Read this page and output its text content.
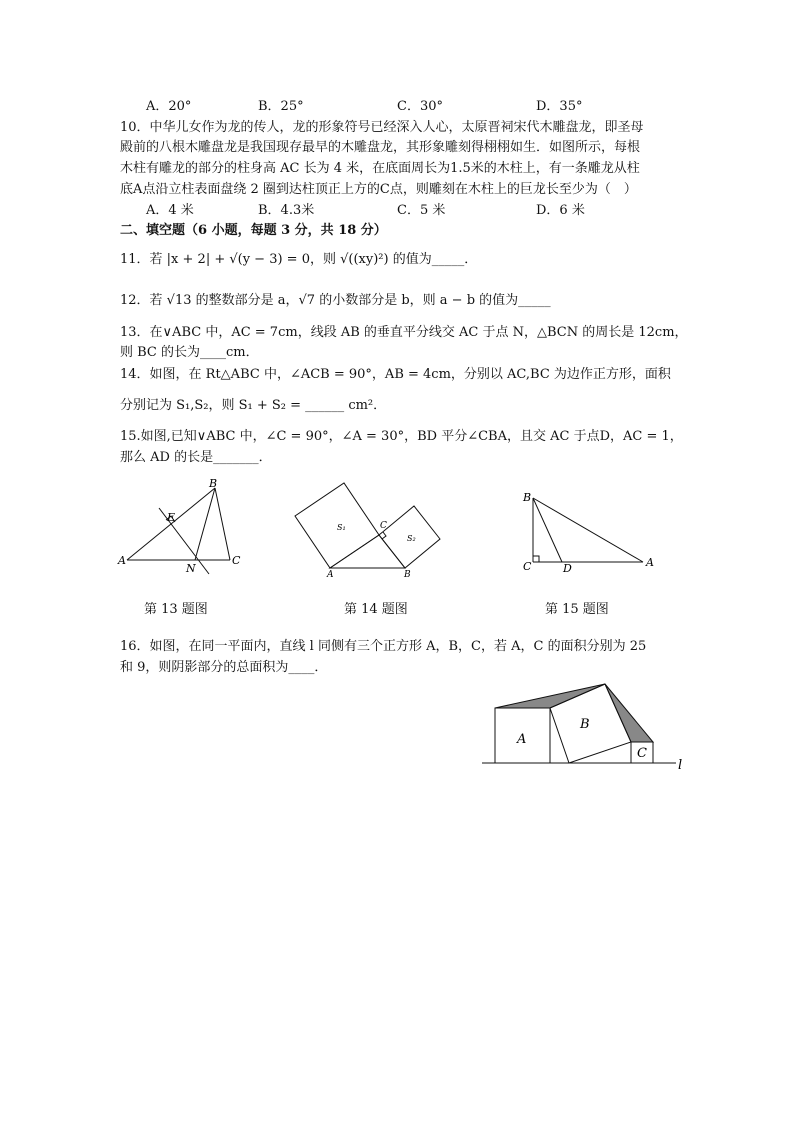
A．20°	B．25°	C．30°	D．35°
10．中华儿女作为龙的传人，龙的形象符号已经深入人心，太原晋祠宋代木雕盘龙，即圣母
殿前的八根木雕盘龙是我国现存最早的木雕盘龙，其形象雕刻得栩栩如生．如图所示，每根
木柱有雕龙的部分的柱身高 AC 长为 4 米，在底面周长为1.5米的木柱上，有一条雕龙从柱
底A点沿立柱表面盘绕 2 圈到达柱顶正上方的C点，则雕刻在木柱上的巨龙长至少为（　）
A．4 米	B．4.3米	C．5 米	D．6 米
二、填空题（6 小题，每题 3 分，共 18 分）
11．若 |x + 2| + √(y − 3) = 0，则 √((xy)²) 的值为_____．
12．若 √13 的整数部分是 a，√7 的小数部分是 b，则 a − b 的值为_____
13．在∨ABC 中，AC = 7cm，线段 AB 的垂直平分线交 AC 于点 N，△BCN 的周长是 12cm，
则 BC 的长为____cm．
14．如图，在 Rt△ABC 中，∠ACB = 90°，AB = 4cm，分别以 AC,BC 为边作正方形，面积
分别记为 S₁,S₂，则 S₁ + S₂ = ______ cm²．
15.如图,已知∨ABC 中，∠C = 90°，∠A = 30°，BD 平分∠CBA，且交 AC 于点D，AC = 1，
那么 AD 的长是_______．
A
B
C
E
N
S₁
S₂
A	B
C
B
C	D	A
第 13 题图	第 14 题图	第 15 题图
16．如图，在同一平面内，直线 l 同侧有三个正方形 A，B，C，若 A，C 的面积分别为 25
和 9，则阴影部分的总面积为____．
A
B
C
l
